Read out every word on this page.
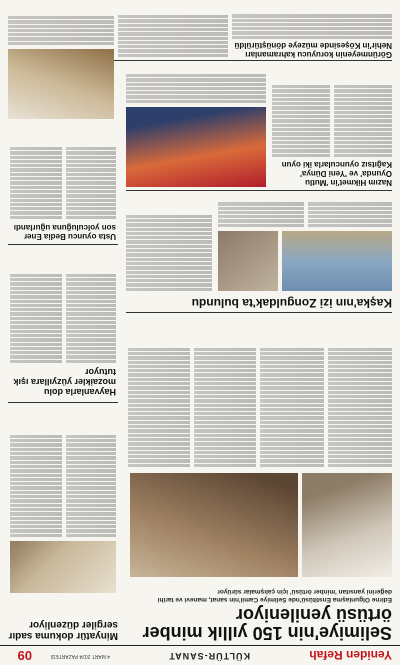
Yeniden Refah
KÜLTÜR-SANAT
4 MART 2024 PAZARTESİ
09
Selimiye'nin 150 yıllık minber örtüsü yenileniyor
Edirne Olgunlaşma Enstitüsü'nde Selimiye Camii'nin sanat, manevi ve tarihi değerini yansıtan 'minber örtüsü' için çalışmalar sürüyor
Minyatür dokuma sadır sergiler düzenliyor
Hayvanlarla dolu mozaikler yüzyıllara ışık tutuyor
Kaşka'nın izi Zonguldak'ta bulundu
Usta oyuncu Bedia Ener son yolculuğuna uğurlandı
Nazım Hikmet'in 'Mutlu Oyunda' ve 'Yeni Dünya' Kağıtsız oyuncularla iki oyun
Görünmeyenin koruyucu kahramanları Nehir'in Köşesinde müzeye dönüştürüldü
